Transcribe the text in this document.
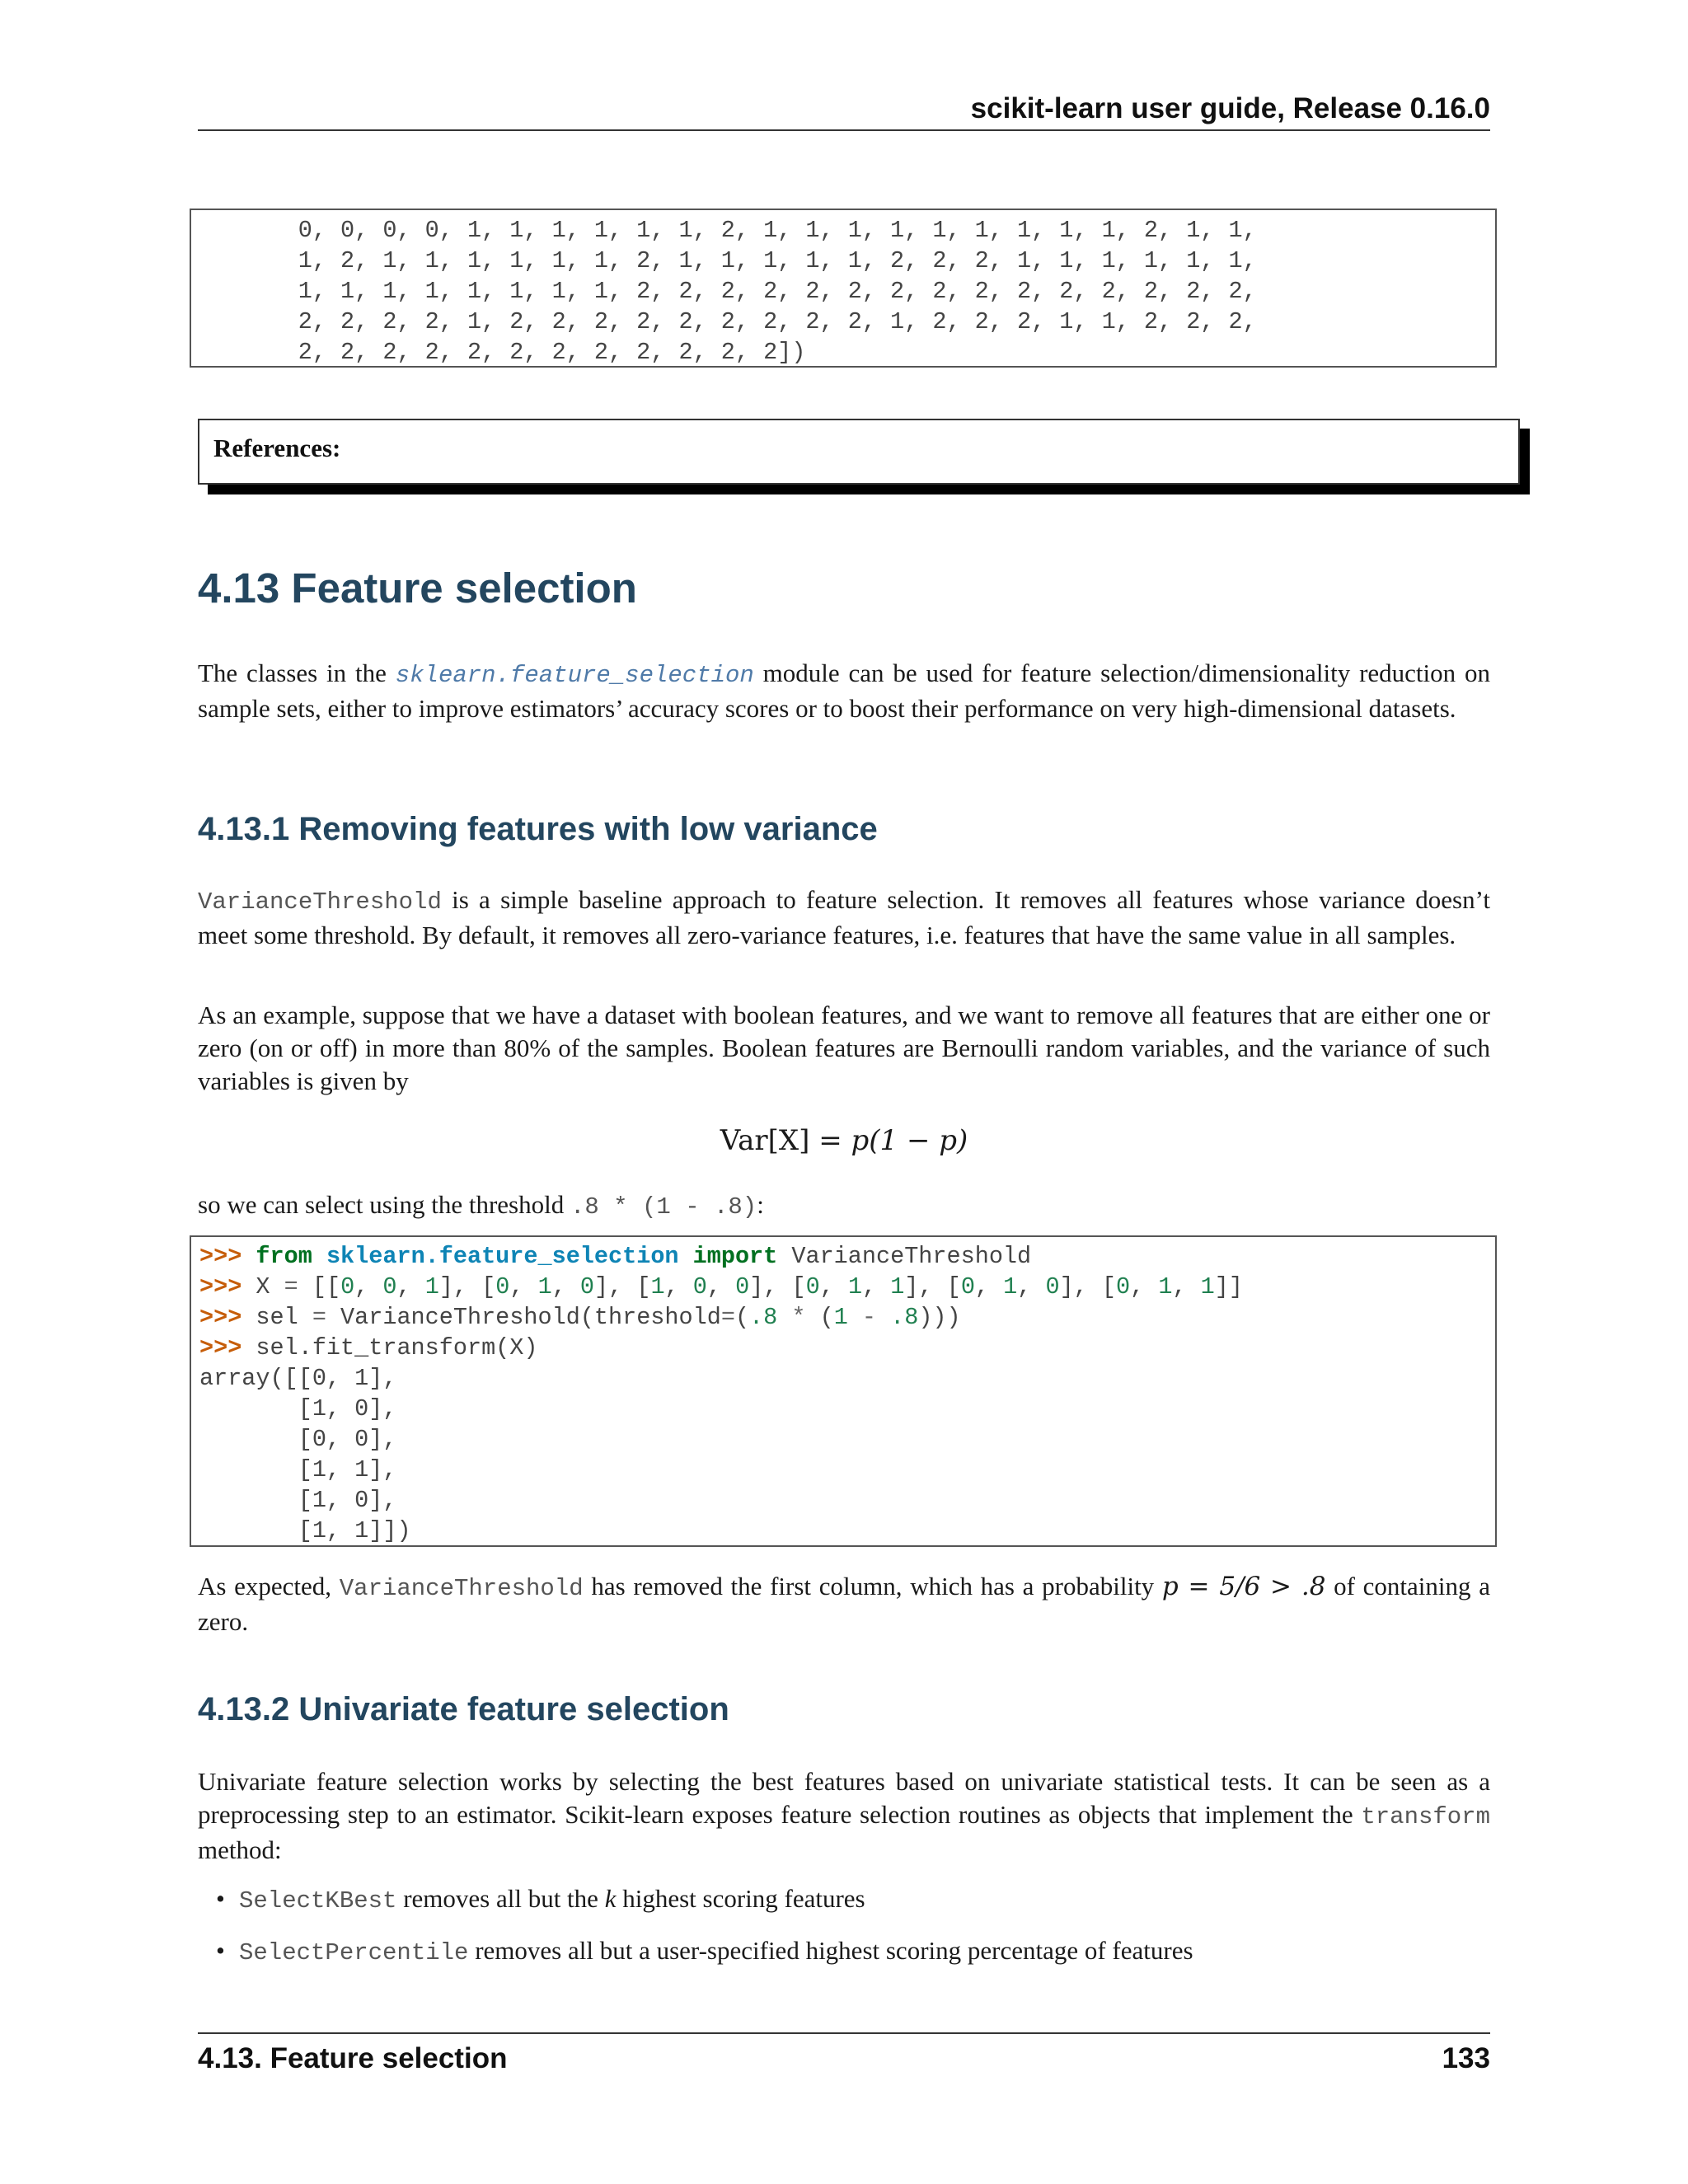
scikit-learn user guide, Release 0.16.0
0, 0, 0, 0, 1, 1, 1, 1, 1, 1, 2, 1, 1, 1, 1, 1, 1, 1, 1, 1, 2, 1, 1,
1, 2, 1, 1, 1, 1, 1, 1, 2, 1, 1, 1, 1, 1, 2, 2, 2, 1, 1, 1, 1, 1, 1,
1, 1, 1, 1, 1, 1, 1, 1, 2, 2, 2, 2, 2, 2, 2, 2, 2, 2, 2, 2, 2, 2, 2,
2, 2, 2, 2, 1, 2, 2, 2, 2, 2, 2, 2, 2, 2, 1, 2, 2, 2, 1, 1, 2, 2, 2,
2, 2, 2, 2, 2, 2, 2, 2, 2, 2, 2, 2])
References:
4.13 Feature selection

The classes in the sklearn.feature_selection module can be used for feature selection/dimensionality reduction on sample sets, either to improve estimators’ accuracy scores or to boost their performance on very high-dimensional datasets.

4.13.1 Removing features with low variance

VarianceThreshold is a simple baseline approach to feature selection. It removes all features whose variance doesn’t meet some threshold. By default, it removes all zero-variance features, i.e. features that have the same value in all samples.

As an example, suppose that we have a dataset with boolean features, and we want to remove all features that are either one or zero (on or off) in more than 80% of the samples. Boolean features are Bernoulli random variables, and the variance of such variables is given by

Var[X] = p(1 − p)

so we can select using the threshold .8 * (1 - .8):

>>> from sklearn.feature_selection import VarianceThreshold
>>> X = [[0, 0, 1], [0, 1, 0], [1, 0, 0], [0, 1, 1], [0, 1, 0], [0, 1, 1]]
>>> sel = VarianceThreshold(threshold=(.8 * (1 - .8)))
>>> sel.fit_transform(X)
array([[0, 1],
[1, 0],
[0, 0],
[1, 1],
[1, 0],
[1, 1]])

As expected, VarianceThreshold has removed the first column, which has a probability p = 5/6 > .8 of containing a zero.

4.13.2 Univariate feature selection

Univariate feature selection works by selecting the best features based on univariate statistical tests. It can be seen as a preprocessing step to an estimator. Scikit-learn exposes feature selection routines as objects that implement the transform method:

• SelectKBest removes all but the k highest scoring features
• SelectPercentile removes all but a user-specified highest scoring percentage of features
4.13. Feature selection	133
